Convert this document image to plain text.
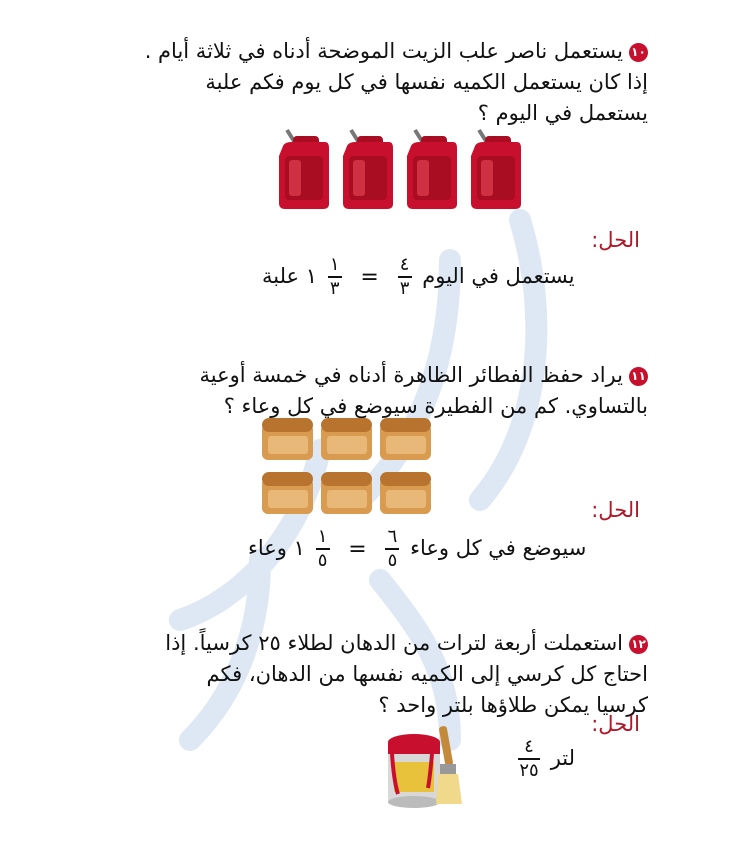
١٠يستعمل ناصر علب الزيت الموضحة أدناه في ثلاثة أيام .
إذا كان يستعمل الكميه نفسها في كل يوم فكم علبة
يستعمل في اليوم ؟
الحل:
يستعمل في اليوم
$\frac{٤}{٣}$
=
$\frac{١}{٣}$
١ علبة
١١يراد حفظ الفطائر الظاهرة أدناه في خمسة أوعية
بالتساوي. كم من الفطيرة سيوضع في كل وعاء ؟
الحل:
سيوضع في كل وعاء
$\frac{٦}{٥}$
=
$\frac{١}{٥}$
١ وعاء
١٢استعملت أربعة لترات من الدهان لطلاء ٢٥ كرسياً. إذا
احتاج كل كرسي إلى الكميه نفسها من الدهان، فكم
كرسيا يمكن طلاؤها بلتر واحد ؟
الحل:
لتر
$\frac{٤}{٢٥}$
